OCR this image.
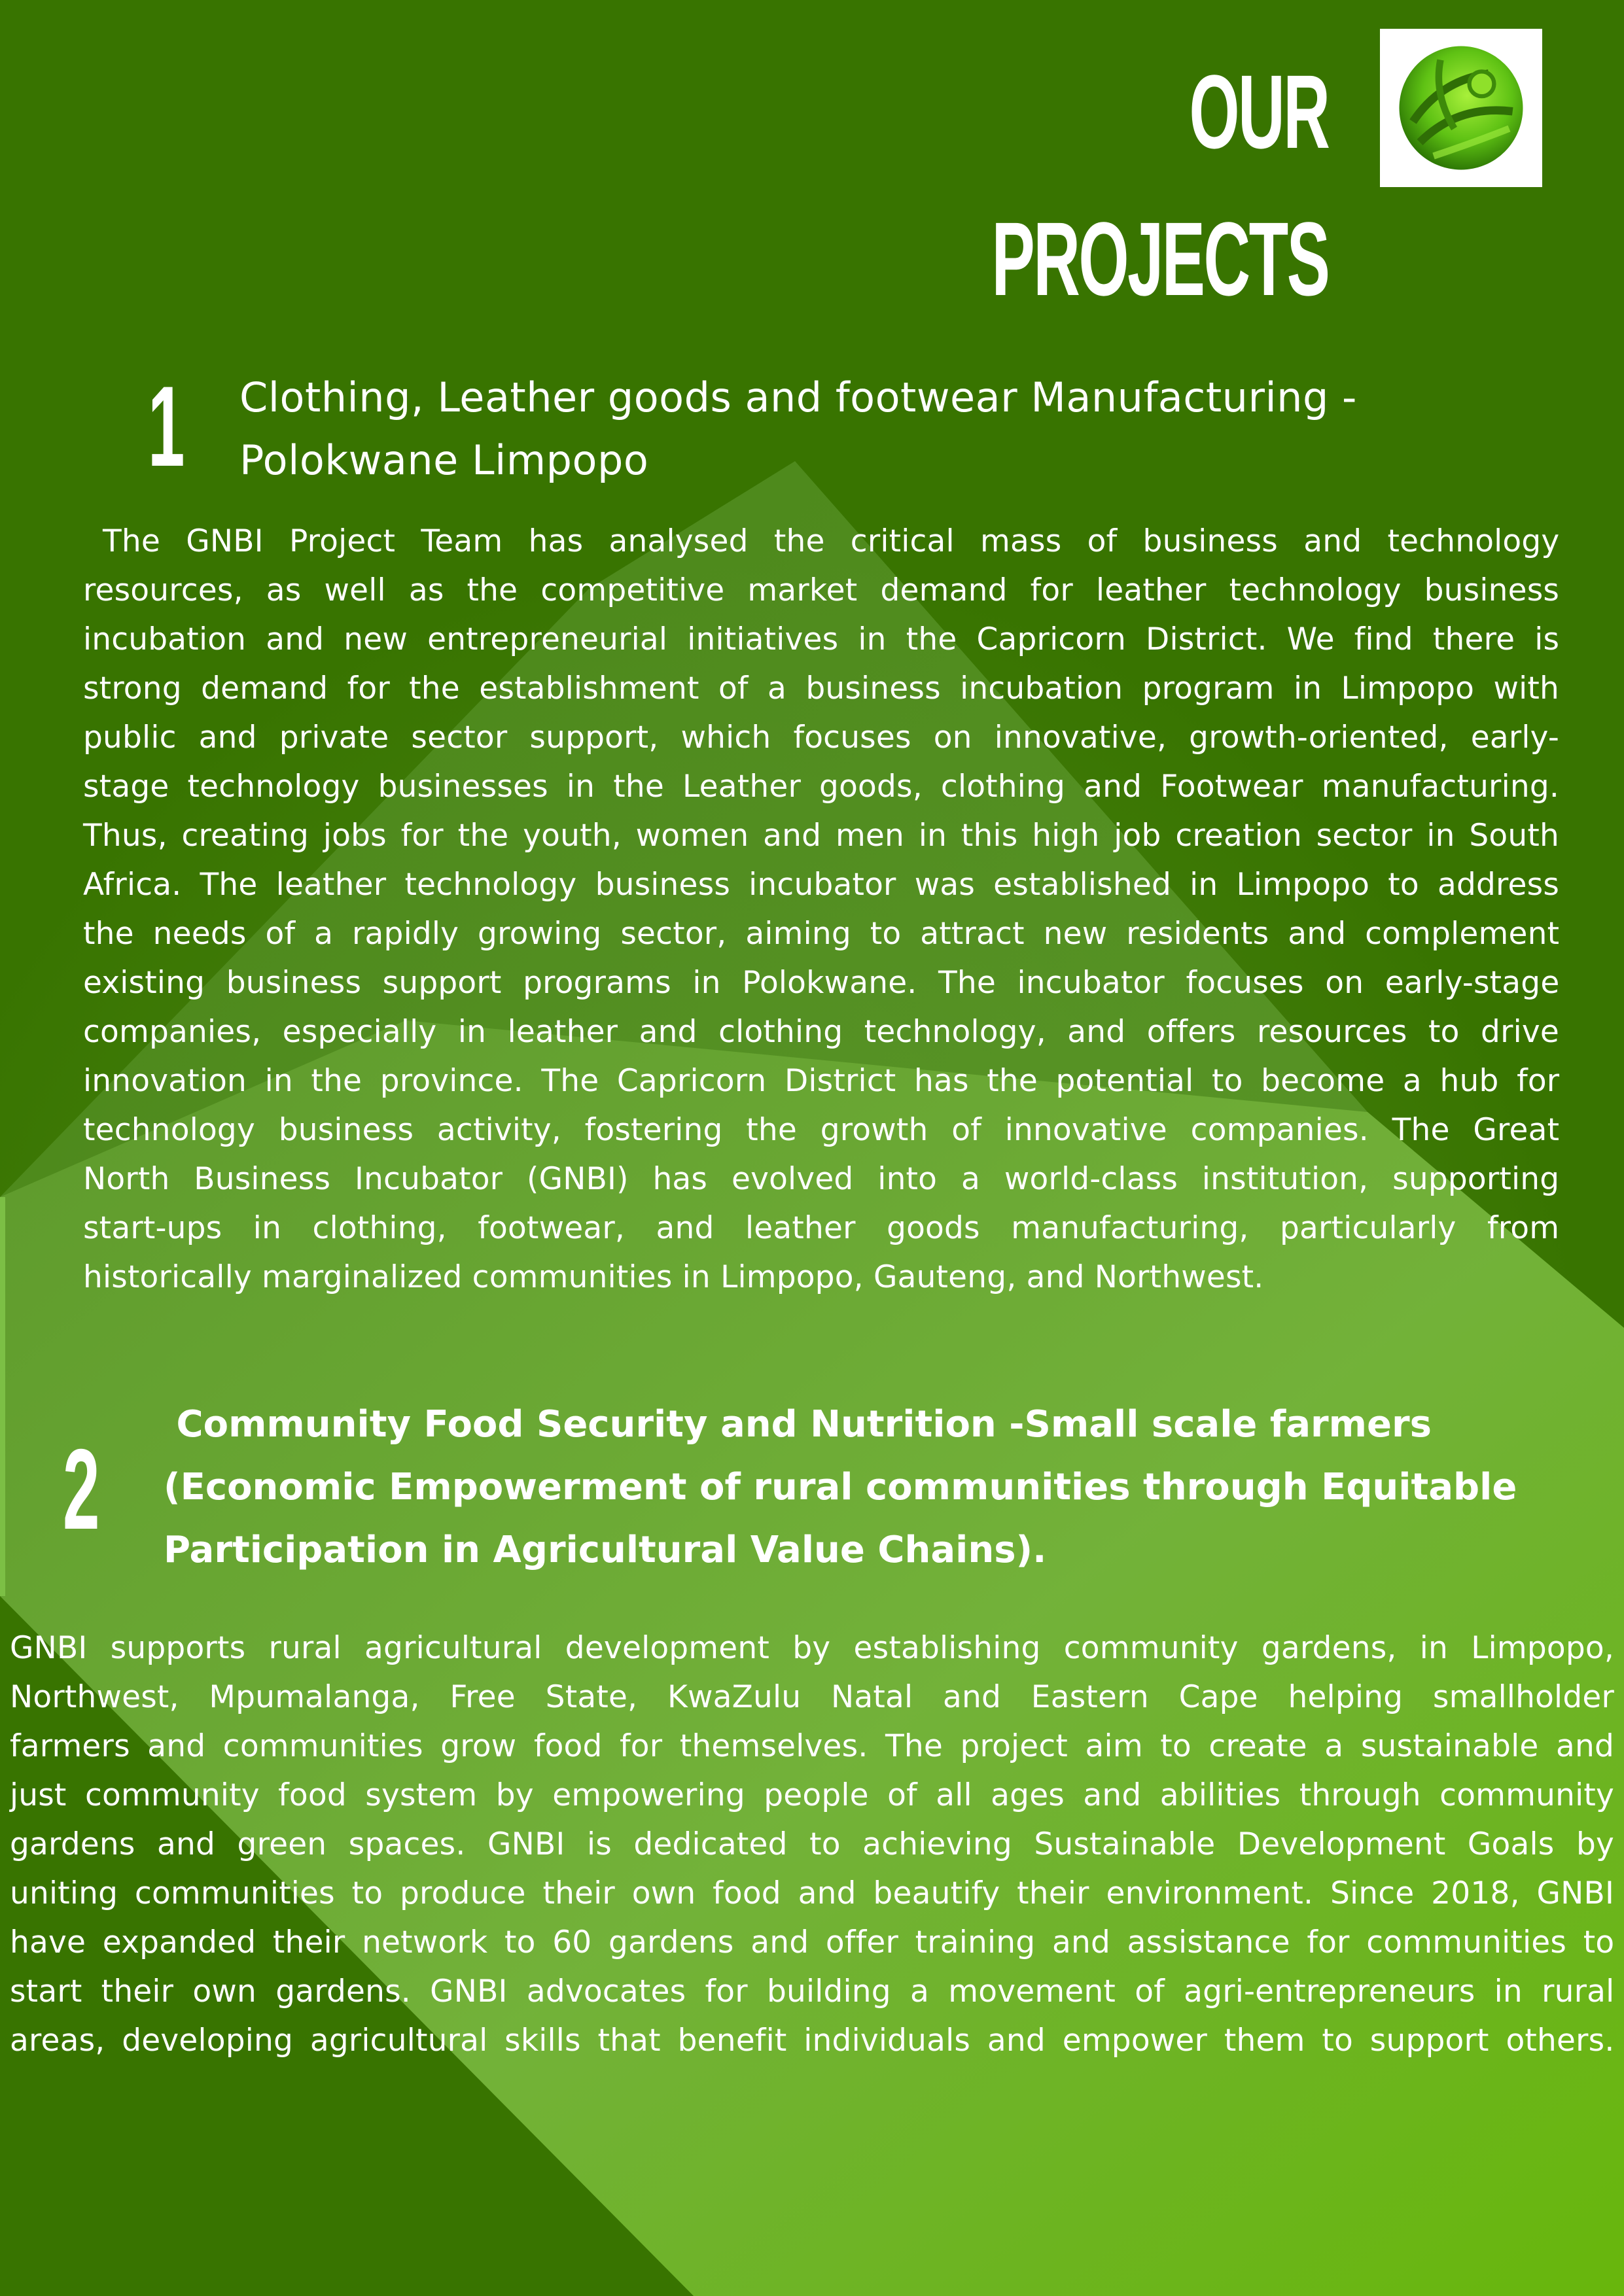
OUR
PROJECTS
1 Clothing, Leather goods and footwear Manufacturing -
Polokwane Limpopo
The GNBI Project Team has analysed the critical mass of business and technology
resources, as well as the competitive market demand for leather technology business
incubation and new entrepreneurial initiatives in the Capricorn District. We find there is
strong demand for the establishment of a business incubation program in Limpopo with
public and private sector support, which focuses on innovative, growth-oriented, early-
stage technology businesses in the Leather goods, clothing and Footwear manufacturing.
Thus, creating jobs for the youth, women and men in this high job creation sector in South
Africa. The leather technology business incubator was established in Limpopo to address
the needs of a rapidly growing sector, aiming to attract new residents and complement
existing business support programs in Polokwane. The incubator focuses on early-stage
companies, especially in leather and clothing technology, and offers resources to drive
innovation in the province. The Capricorn District has the potential to become a hub for
technology business activity, fostering the growth of innovative companies. The Great
North Business Incubator (GNBI) has evolved into a world-class institution, supporting
start-ups in clothing, footwear, and leather goods manufacturing, particularly from
historically marginalized communities in Limpopo, Gauteng, and Northwest.
2
Community Food Security and Nutrition -Small scale farmers
(Economic Empowerment of rural communities through Equitable
Participation in Agricultural Value Chains).
GNBI supports rural agricultural development by establishing community gardens, in Limpopo,
Northwest, Mpumalanga, Free State, KwaZulu Natal and Eastern Cape helping smallholder
farmers and communities grow food for themselves. The project aim to create a sustainable and
just community food system by empowering people of all ages and abilities through community
gardens and green spaces. GNBI is dedicated to achieving Sustainable Development Goals by
uniting communities to produce their own food and beautify their environment. Since 2018, GNBI
have expanded their network to 60 gardens and offer training and assistance for communities to
start their own gardens. GNBI advocates for building a movement of agri-entrepreneurs in rural
areas, developing agricultural skills that benefit individuals and empower them to support others.
